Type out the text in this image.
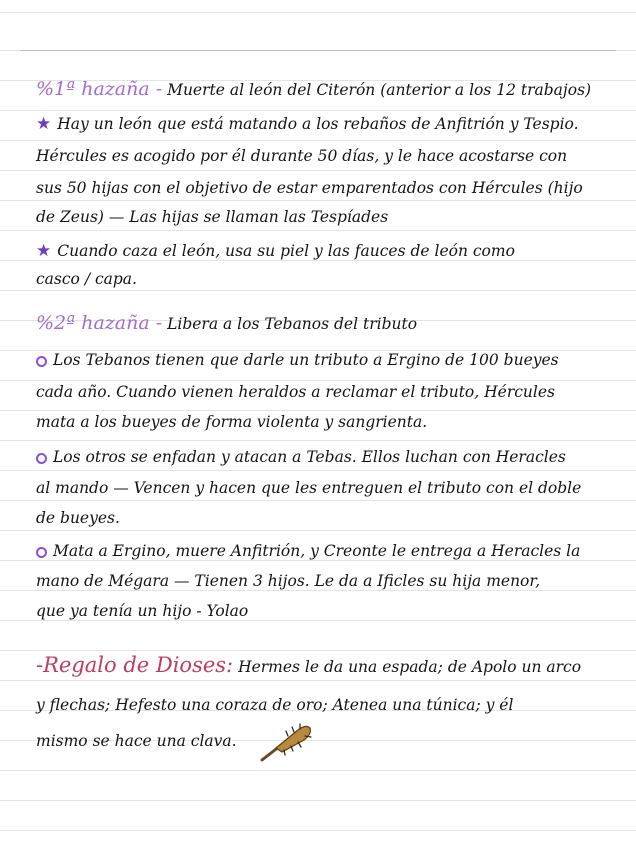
%1ª hazaña - Muerte al león del Citerón (anterior a los 12 trabajos)
★ Hay un león que está matando a los rebaños de Anfitrión y Tespio.
Hércules es acogido por él durante 50 días, y le hace acostarse con
sus 50 hijas con el objetivo de estar emparentados con Hércules (hijo
de Zeus) — Las hijas se llaman las Tespíades
★ Cuando caza el león, usa su piel y las fauces de león como
casco / capa.
%2ª hazaña - Libera a los Tebanos del tributo
Los Tebanos tienen que darle un tributo a Ergino de 100 bueyes
cada año. Cuando vienen heraldos a reclamar el tributo, Hércules
mata a los bueyes de forma violenta y sangrienta.
Los otros se enfadan y atacan a Tebas. Ellos luchan con Heracles
al mando — Vencen y hacen que les entreguen el tributo con el doble
de bueyes.
Mata a Ergino, muere Anfitrión, y Creonte le entrega a Heracles la
mano de Mégara — Tienen 3 hijos. Le da a Ificles su hija menor,
que ya tenía un hijo - Yolao
-Regalo de Dioses: Hermes le da una espada; de Apolo un arco
y flechas; Hefesto una coraza de oro; Atenea una túnica; y él
mismo se hace una clava.
